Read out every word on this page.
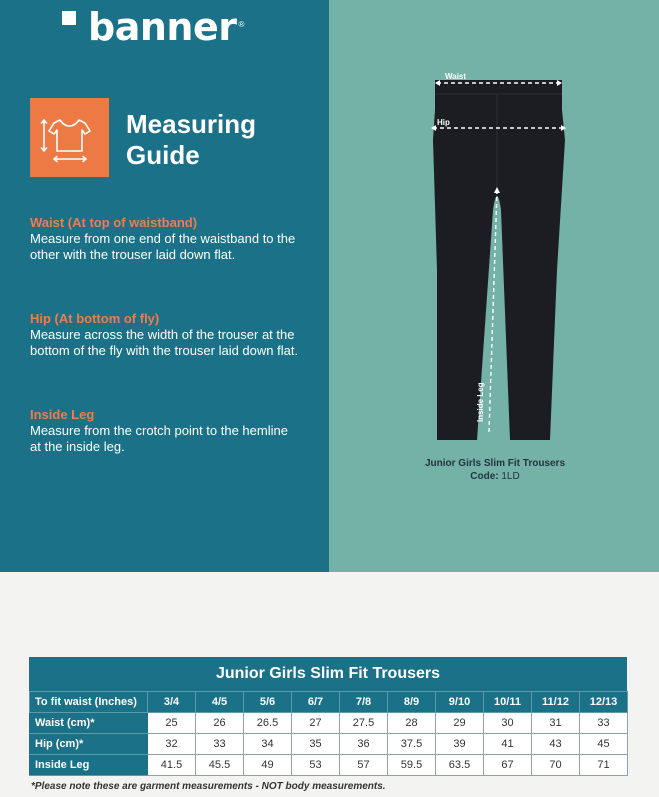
banner ®
Measuring
Guide
Waist (At top of waistband)
Measure from one end of the waistband to the other with the trouser laid down flat.
Hip (At bottom of fly)
Measure across the width of the trouser at the bottom of the fly with the trouser laid down flat.
Inside Leg
Measure from the crotch point to the hemline at the inside leg.
Waist
Hip
Inside Leg
Junior Girls Slim Fit Trousers
Code: 1LD
Junior Girls Slim Fit Trousers
To fit waist (Inches)	3/4	4/5	5/6	6/7	7/8	8/9	9/10	10/11	11/12	12/13
Waist (cm)*	25	26	26.5	27	27.5	28	29	30	31	33
Hip (cm)*	32	33	34	35	36	37.5	39	41	43	45
Inside Leg	41.5	45.5	49	53	57	59.5	63.5	67	70	71
*Please note these are garment measurements - NOT body measurements.
